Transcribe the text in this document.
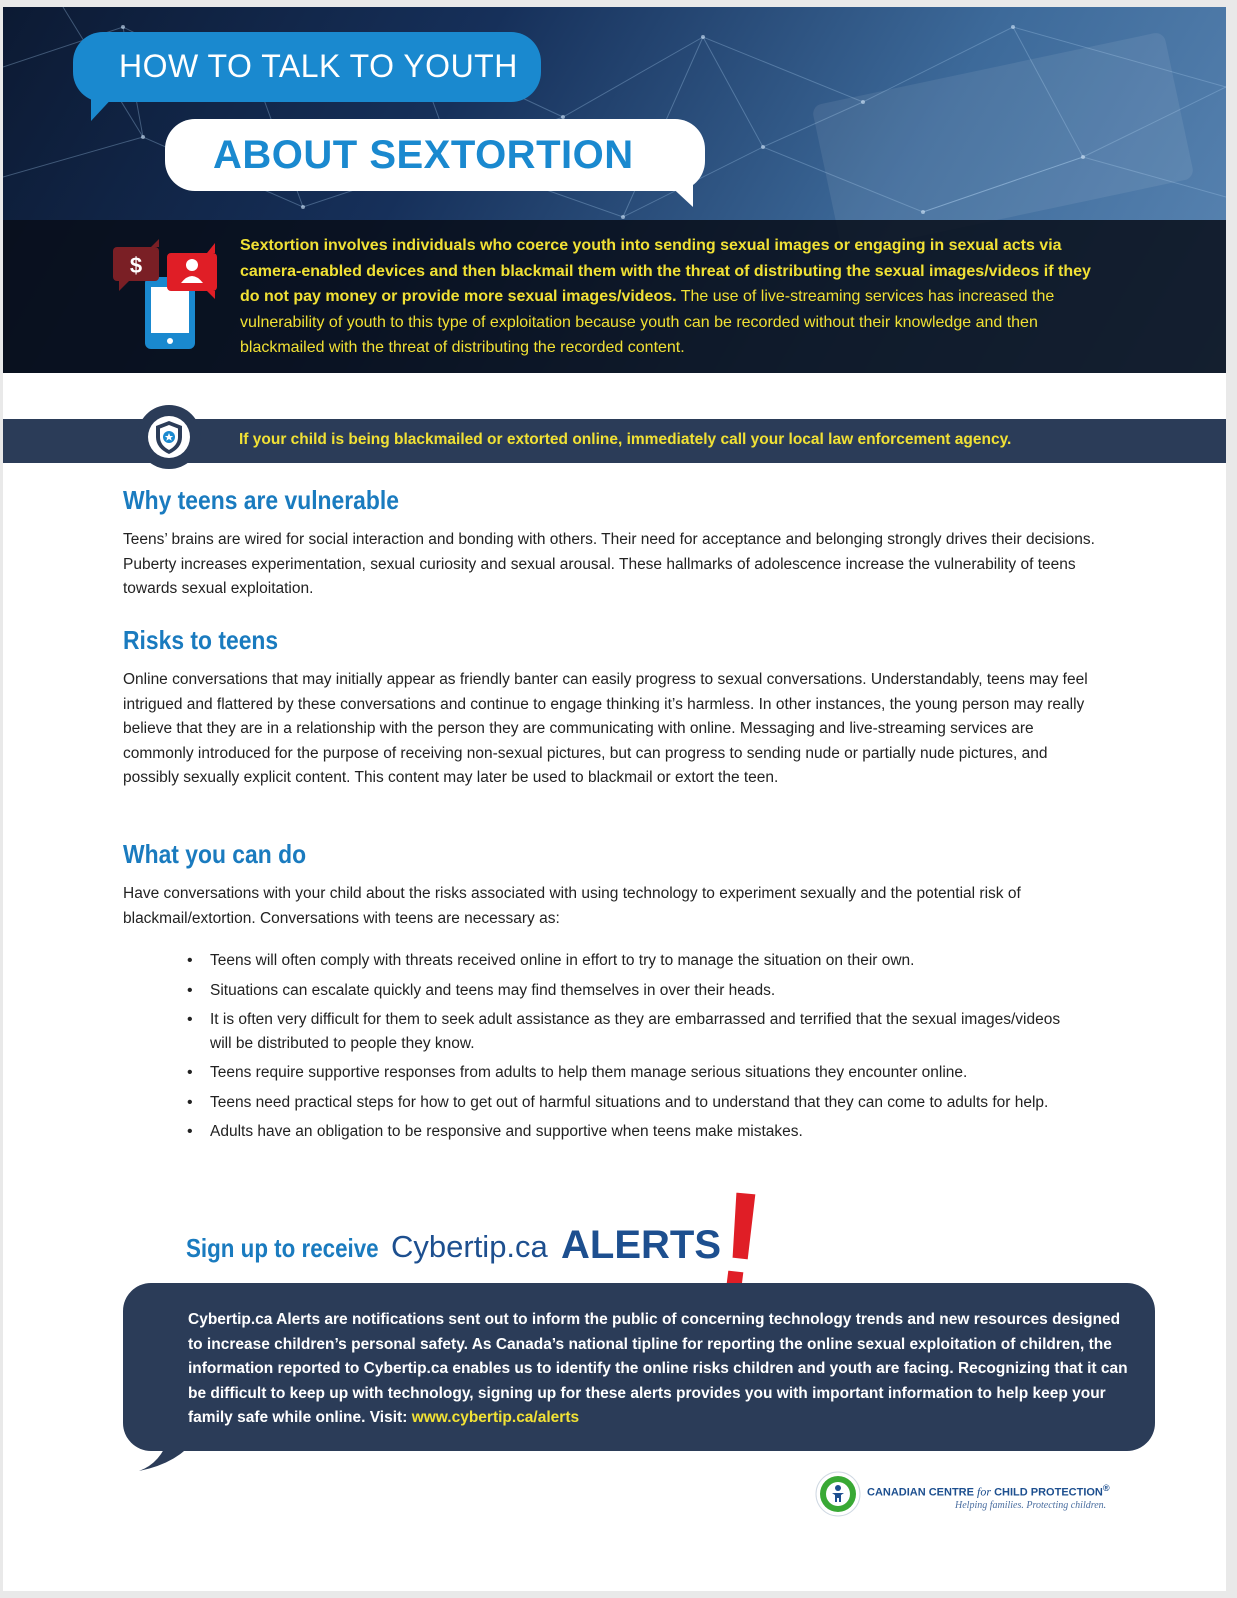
HOW TO TALK TO YOUTH
ABOUT SEXTORTION
$
Sextortion involves individuals who coerce youth into sending sexual images or engaging in sexual acts via camera-enabled devices and then blackmail them with the threat of distributing the sexual images/videos if they do not pay money or provide more sexual images/videos. The use of live-streaming services has increased the vulnerability of youth to this type of exploitation because youth can be recorded without their knowledge and then blackmailed with the threat of distributing the recorded content.
If your child is being blackmailed or extorted online, immediately call your local law enforcement agency.
Why teens are vulnerable
Teens’ brains are wired for social interaction and bonding with others. Their need for acceptance and belonging strongly drives their decisions. Puberty increases experimentation, sexual curiosity and sexual arousal. These hallmarks of adolescence increase the vulnerability of teens towards sexual exploitation.
Risks to teens
Online conversations that may initially appear as friendly banter can easily progress to sexual conversations. Understandably, teens may feel intrigued and flattered by these conversations and continue to engage thinking it’s harmless. In other instances, the young person may really believe that they are in a relationship with the person they are communicating with online. Messaging and live-streaming services are commonly introduced for the purpose of receiving non-sexual pictures, but can progress to sending nude or partially nude pictures, and possibly sexually explicit content. This content may later be used to blackmail or extort the teen.
What you can do
Have conversations with your child about the risks associated with using technology to experiment sexually and the potential risk of blackmail/extortion. Conversations with teens are necessary as:
• Teens will often comply with threats received online in effort to try to manage the situation on their own.
• Situations can escalate quickly and teens may find themselves in over their heads.
• It is often very difficult for them to seek adult assistance as they are embarrassed and terrified that the sexual images/videos will be distributed to people they know.
• Teens require supportive responses from adults to help them manage serious situations they encounter online.
• Teens need practical steps for how to get out of harmful situations and to understand that they can come to adults for help.
• Adults have an obligation to be responsive and supportive when teens make mistakes.
Sign up to receive Cybertip.ca ALERTS
Cybertip.ca Alerts are notifications sent out to inform the public of concerning technology trends and new resources designed to increase children’s personal safety. As Canada’s national tipline for reporting the online sexual exploitation of children, the information reported to Cybertip.ca enables us to identify the online risks children and youth are facing. Recognizing that it can be difficult to keep up with technology, signing up for these alerts provides you with important information to help keep your family safe while online. Visit: www.cybertip.ca/alerts
CANADIAN CENTRE for CHILD PROTECTION®
Helping families. Protecting children.
